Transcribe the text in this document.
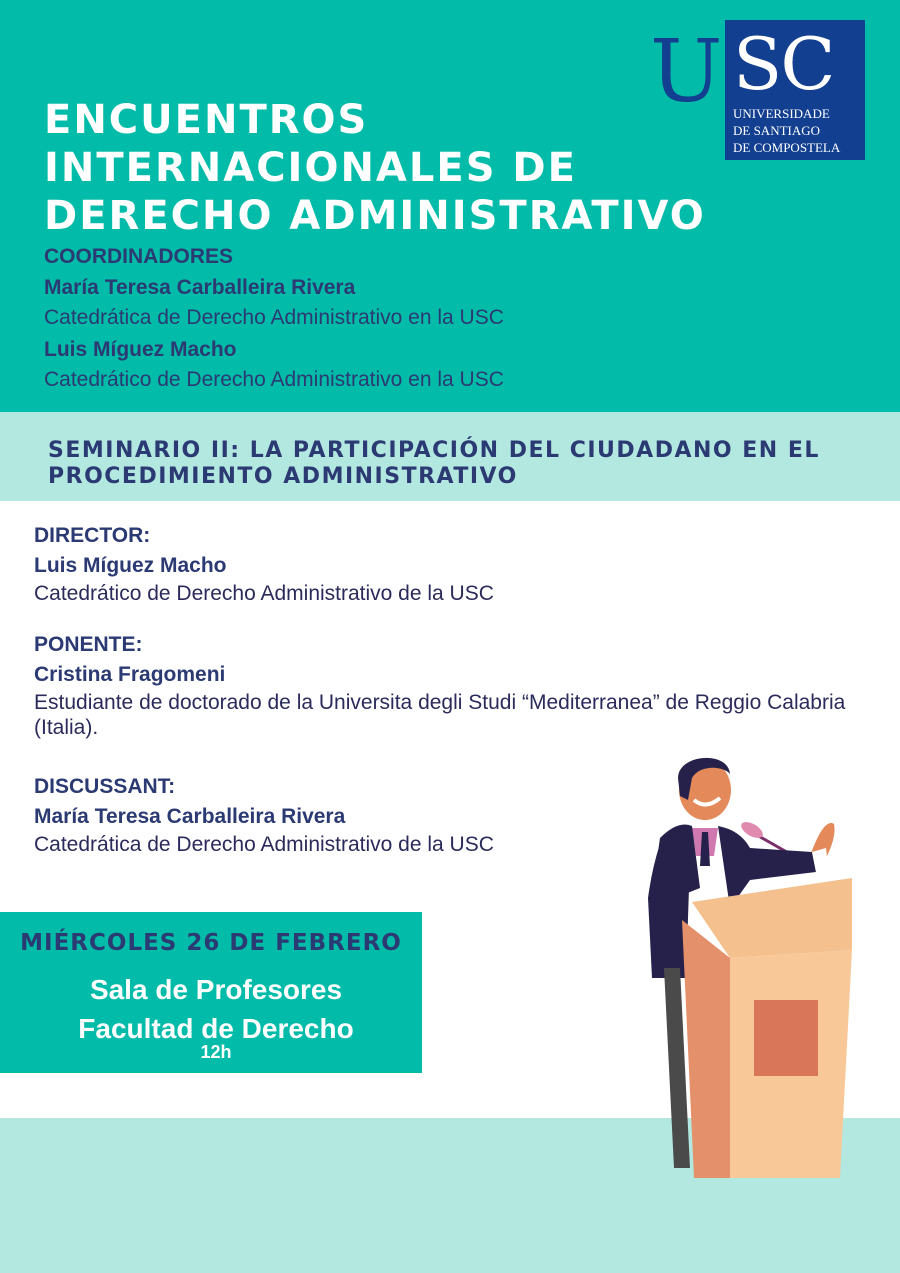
U SC
UNIVERSIDADE
DE SANTIAGO
DE COMPOSTELA
ENCUENTROS
INTERNACIONALES DE
DERECHO ADMINISTRATIVO
COORDINADORES
María Teresa Carballeira Rivera
Catedrática de Derecho Administrativo en la USC
Luis Míguez Macho
Catedrático de Derecho Administrativo en la USC
SEMINARIO II: LA PARTICIPACIÓN DEL CIUDADANO EN EL PROCEDIMIENTO ADMINISTRATIVO
DIRECTOR:
Luis Míguez Macho
Catedrático de Derecho Administrativo de la USC
PONENTE:
Cristina Fragomeni
Estudiante de doctorado de la Universita degli Studi “Mediterranea” de Reggio Calabria (Italia).
DISCUSSANT:
María Teresa Carballeira Rivera
Catedrática de Derecho Administrativo de la USC
MIÉRCOLES 26 DE FEBRERO
Sala de Profesores
Facultad de Derecho
12h
